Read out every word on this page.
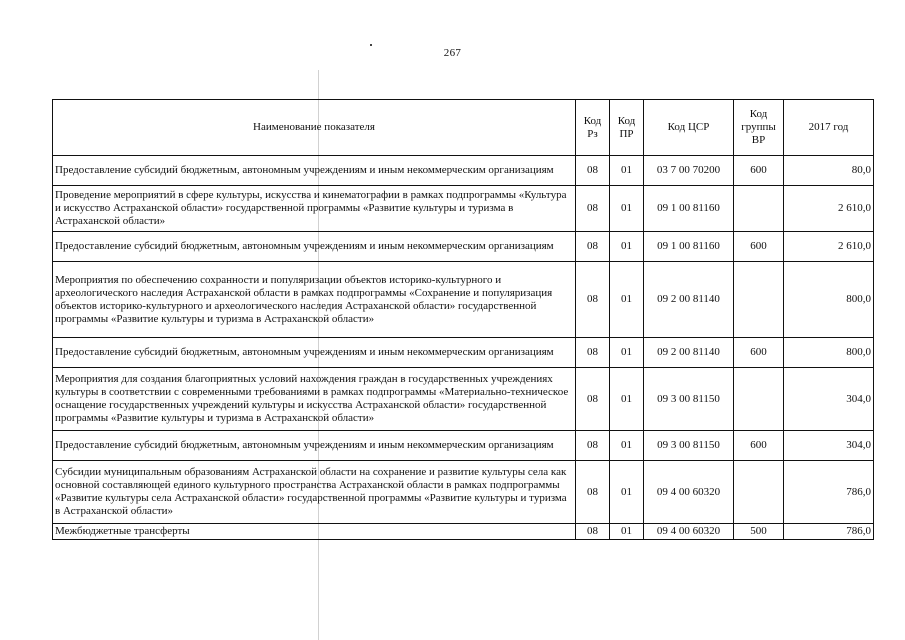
267
Наименование показателя	Код Рз	Код ПР	Код ЦСР	Код группы ВР	2017 год
Предоставление субсидий бюджетным, автономным учреждениям и иным некоммерческим организациям	08	01	03 7 00 70200	600	80,0
Проведение мероприятий в сфере культуры, искусства и кинематографии в рамках подпрограммы «Культура и искусство Астраханской области» государственной программы «Развитие культуры и туризма в Астраханской области»	08	01	09 1 00 81160		2 610,0
Предоставление субсидий бюджетным, автономным учреждениям и иным некоммерческим организациям	08	01	09 1 00 81160	600	2 610,0
Мероприятия по обеспечению сохранности и популяризации объектов историко-культурного и археологического наследия Астраханской области в рамках подпрограммы «Сохранение и популяризация объектов историко-культурного и археологического наследия Астраханской области» государственной программы «Развитие культуры и туризма в Астраханской области»	08	01	09 2 00 81140		800,0
Предоставление субсидий бюджетным, автономным учреждениям и иным некоммерческим организациям	08	01	09 2 00 81140	600	800,0
Мероприятия для создания благоприятных условий нахождения граждан в государственных учреждениях культуры в соответствии с современными требованиями в рамках подпрограммы «Материально-техническое оснащение государственных учреждений культуры и искусства Астраханской области» государственной программы «Развитие культуры и туризма в Астраханской области»	08	01	09 3 00 81150		304,0
Предоставление субсидий бюджетным, автономным учреждениям и иным некоммерческим организациям	08	01	09 3 00 81150	600	304,0
Субсидии муниципальным образованиям Астраханской области на сохранение и развитие культуры села как основной составляющей единого культурного пространства Астраханской области в рамках подпрограммы «Развитие культуры села Астраханской области» государственной программы «Развитие культуры и туризма в Астраханской области»	08	01	09 4 00 60320		786,0
Межбюджетные трансферты	08	01	09 4 00 60320	500	786,0
